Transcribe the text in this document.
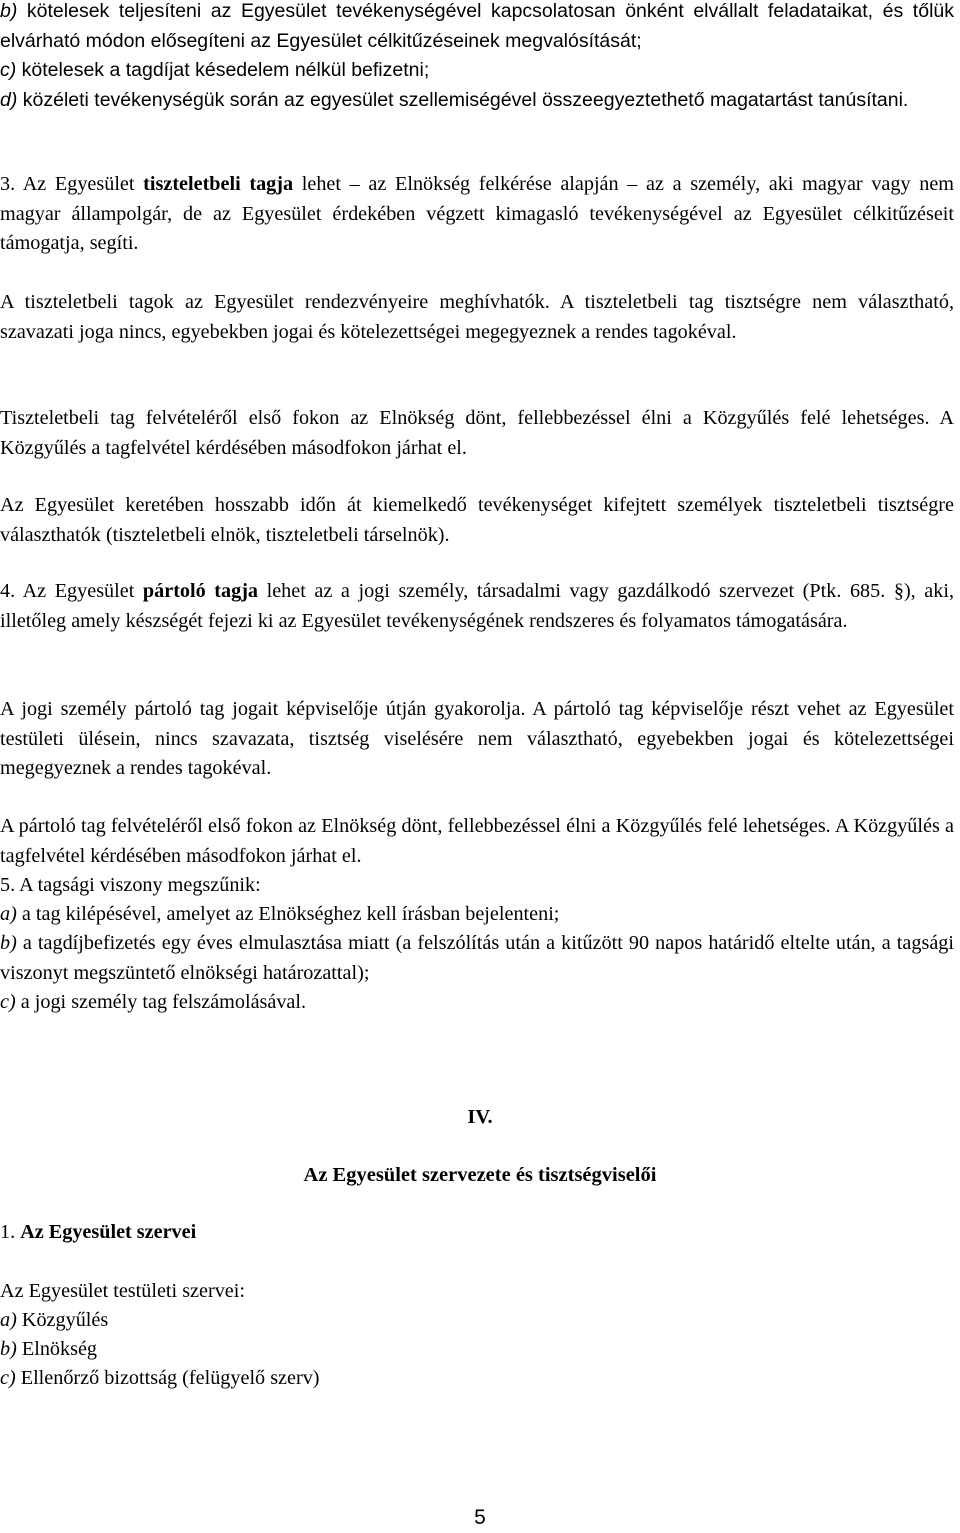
b) kötelesek teljesíteni az Egyesület tevékenységével kapcsolatosan önként elvállalt feladataikat, és tőlük elvárható módon elősegíteni az Egyesület célkitűzéseinek megvalósítását;
c) kötelesek a tagdíjat késedelem nélkül befizetni;
d) közéleti tevékenységük során az egyesület szellemiségével összeegyeztethető magatartást tanúsítani.
3. Az Egyesület tiszteletbeli tagja lehet – az Elnökség felkérése alapján – az a személy, aki magyar vagy nem magyar állampolgár, de az Egyesület érdekében végzett kimagasló tevékenységével az Egyesület célkitűzéseit támogatja, segíti.
A tiszteletbeli tagok az Egyesület rendezvényeire meghívhatók. A tiszteletbeli tag tisztségre nem választható, szavazati joga nincs, egyebekben jogai és kötelezettségei megegyeznek a rendes tagokéval.
Tiszteletbeli tag felvételéről első fokon az Elnökség dönt, fellebbezéssel élni a Közgyűlés felé lehetséges. A Közgyűlés a tagfelvétel kérdésében másodfokon járhat el.
Az Egyesület keretében hosszabb időn át kiemelkedő tevékenységet kifejtett személyek tiszteletbeli tisztségre választhatók (tiszteletbeli elnök, tiszteletbeli társelnök).
4. Az Egyesület pártoló tagja lehet az a jogi személy, társadalmi vagy gazdálkodó szervezet (Ptk. 685. §), aki, illetőleg amely készségét fejezi ki az Egyesület tevékenységének rendszeres és folyamatos támogatására.
A jogi személy pártoló tag jogait képviselője útján gyakorolja. A pártoló tag képviselője részt vehet az Egyesület testületi ülésein, nincs szavazata, tisztség viselésére nem választható, egyebekben jogai és kötelezettségei megegyeznek a rendes tagokéval.
A pártoló tag felvételéről első fokon az Elnökség dönt, fellebbezéssel élni a Közgyűlés felé lehetséges. A Közgyűlés a tagfelvétel kérdésében másodfokon járhat el.
5. A tagsági viszony megszűnik:
a) a tag kilépésével, amelyet az Elnökséghez kell írásban bejelenteni;
b) a tagdíjbefizetés egy éves elmulasztása miatt (a felszólítás után a kitűzött 90 napos határidő eltelte után, a tagsági viszonyt megszüntető elnökségi határozattal);
c) a jogi személy tag felszámolásával.
IV.
Az Egyesület szervezete és tisztségviselői
1. Az Egyesület szervei
Az Egyesület testületi szervei:
a) Közgyűlés
b) Elnökség
c) Ellenőrző bizottság (felügyelő szerv)
5
